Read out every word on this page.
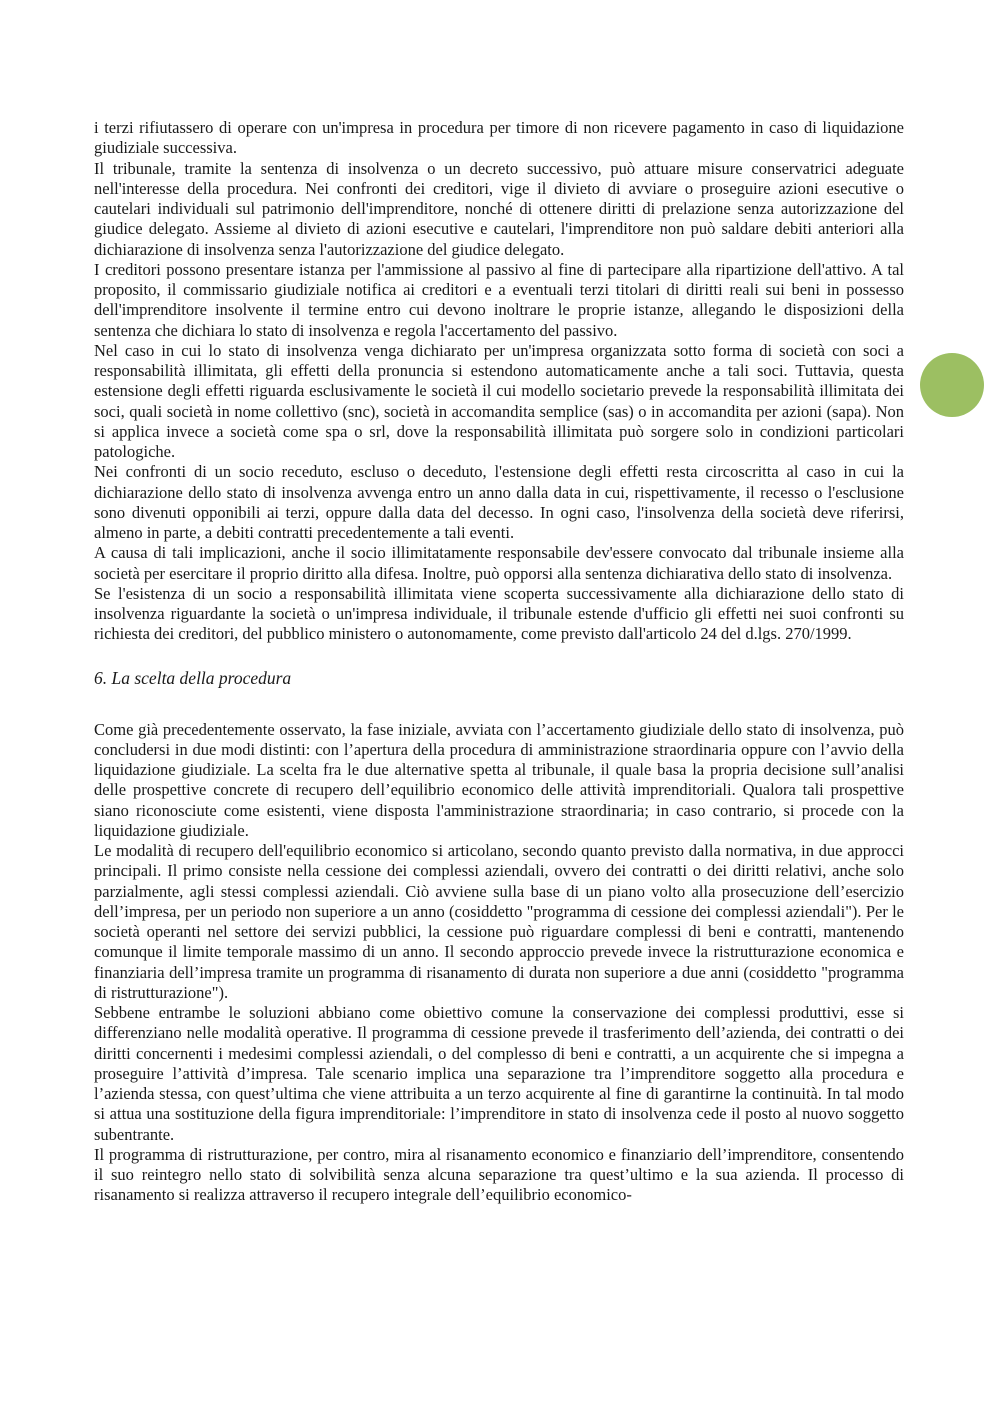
i terzi rifiutassero di operare con un'impresa in procedura per timore di non ricevere pagamento in caso di liquidazione giudiziale successiva.

Il tribunale, tramite la sentenza di insolvenza o un decreto successivo, può attuare misure conservatrici adeguate nell'interesse della procedura. Nei confronti dei creditori, vige il divieto di avviare o proseguire azioni esecutive o cautelari individuali sul patrimonio dell'imprenditore, nonché di ottenere diritti di prelazione senza autorizzazione del giudice delegato. Assieme al divieto di azioni esecutive e cautelari, l'imprenditore non può saldare debiti anteriori alla dichiarazione di insolvenza senza l'autorizzazione del giudice delegato.

I creditori possono presentare istanza per l'ammissione al passivo al fine di partecipare alla ripartizione dell'attivo. A tal proposito, il commissario giudiziale notifica ai creditori e a eventuali terzi titolari di diritti reali sui beni in possesso dell'imprenditore insolvente il termine entro cui devono inoltrare le proprie istanze, allegando le disposizioni della sentenza che dichiara lo stato di insolvenza e regola l'accertamento del passivo.

Nel caso in cui lo stato di insolvenza venga dichiarato per un'impresa organizzata sotto forma di società con soci a responsabilità illimitata, gli effetti della pronuncia si estendono automaticamente anche a tali soci. Tuttavia, questa estensione degli effetti riguarda esclusivamente le società il cui modello societario prevede la responsabilità illimitata dei soci, quali società in nome collettivo (snc), società in accomandita semplice (sas) o in accomandita per azioni (sapa). Non si applica invece a società come spa o srl, dove la responsabilità illimitata può sorgere solo in condizioni particolari patologiche.

Nei confronti di un socio receduto, escluso o deceduto, l'estensione degli effetti resta circoscritta al caso in cui la dichiarazione dello stato di insolvenza avvenga entro un anno dalla data in cui, rispettivamente, il recesso o l'esclusione sono divenuti opponibili ai terzi, oppure dalla data del decesso. In ogni caso, l'insolvenza della società deve riferirsi, almeno in parte, a debiti contratti precedentemente a tali eventi.

A causa di tali implicazioni, anche il socio illimitatamente responsabile dev'essere convocato dal tribunale insieme alla società per esercitare il proprio diritto alla difesa. Inoltre, può opporsi alla sentenza dichiarativa dello stato di insolvenza.

Se l'esistenza di un socio a responsabilità illimitata viene scoperta successivamente alla dichiarazione dello stato di insolvenza riguardante la società o un'impresa individuale, il tribunale estende d'ufficio gli effetti nei suoi confronti su richiesta dei creditori, del pubblico ministero o autonomamente, come previsto dall'articolo 24 del d.lgs. 270/1999.

6. La scelta della procedura

Come già precedentemente osservato, la fase iniziale, avviata con l’accertamento giudiziale dello stato di insolvenza, può concludersi in due modi distinti: con l’apertura della procedura di amministrazione straordinaria oppure con l’avvio della liquidazione giudiziale. La scelta fra le due alternative spetta al tribunale, il quale basa la propria decisione sull’analisi delle prospettive concrete di recupero dell’equilibrio economico delle attività imprenditoriali. Qualora tali prospettive siano riconosciute come esistenti, viene disposta l'amministrazione straordinaria; in caso contrario, si procede con la liquidazione giudiziale.

Le modalità di recupero dell'equilibrio economico si articolano, secondo quanto previsto dalla normativa, in due approcci principali. Il primo consiste nella cessione dei complessi aziendali, ovvero dei contratti o dei diritti relativi, anche solo parzialmente, agli stessi complessi aziendali. Ciò avviene sulla base di un piano volto alla prosecuzione dell’esercizio dell’impresa, per un periodo non superiore a un anno (cosiddetto "programma di cessione dei complessi aziendali"). Per le società operanti nel settore dei servizi pubblici, la cessione può riguardare complessi di beni e contratti, mantenendo comunque il limite temporale massimo di un anno. Il secondo approccio prevede invece la ristrutturazione economica e finanziaria dell’impresa tramite un programma di risanamento di durata non superiore a due anni (cosiddetto "programma di ristrutturazione").

Sebbene entrambe le soluzioni abbiano come obiettivo comune la conservazione dei complessi produttivi, esse si differenziano nelle modalità operative. Il programma di cessione prevede il trasferimento dell’azienda, dei contratti o dei diritti concernenti i medesimi complessi aziendali, o del complesso di beni e contratti, a un acquirente che si impegna a proseguire l’attività d’impresa. Tale scenario implica una separazione tra l’imprenditore soggetto alla procedura e l’azienda stessa, con quest’ultima che viene attribuita a un terzo acquirente al fine di garantirne la continuità. In tal modo si attua una sostituzione della figura imprenditoriale: l’imprenditore in stato di insolvenza cede il posto al nuovo soggetto subentrante.

Il programma di ristrutturazione, per contro, mira al risanamento economico e finanziario dell’imprenditore, consentendo il suo reintegro nello stato di solvibilità senza alcuna separazione tra quest’ultimo e la sua azienda. Il processo di risanamento si realizza attraverso il recupero integrale dell’equilibrio economico-
